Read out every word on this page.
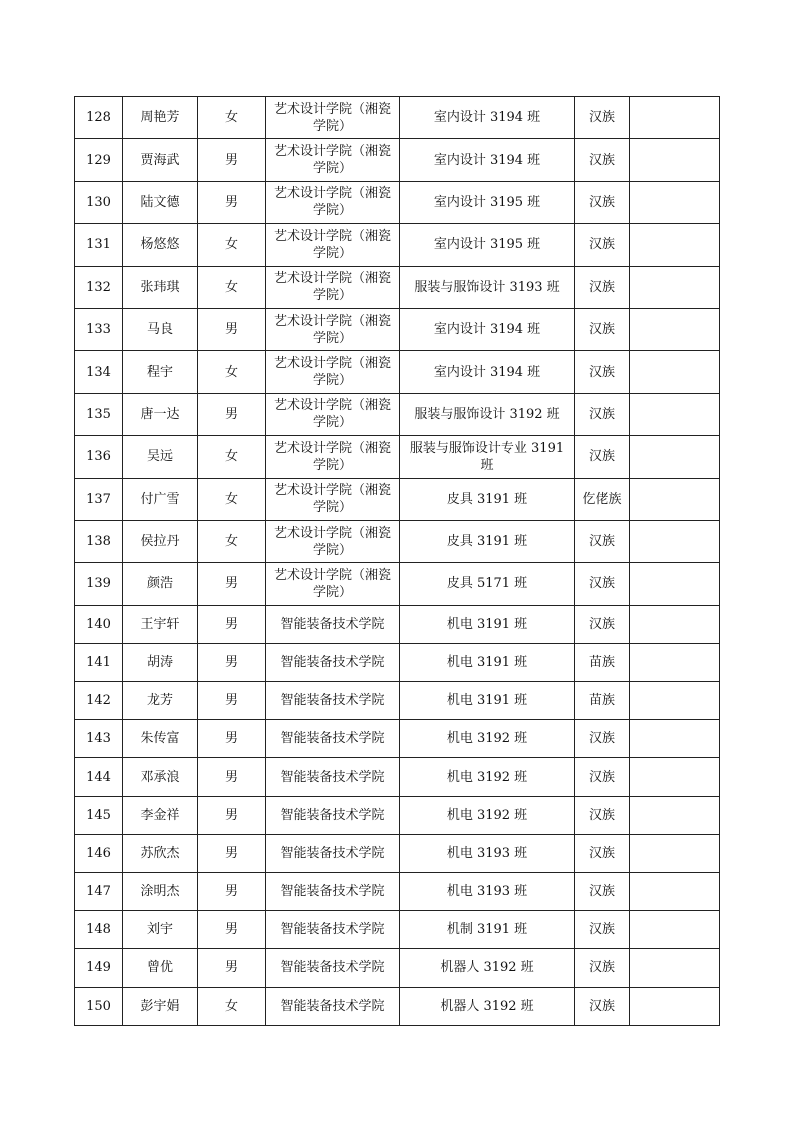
128	周艳芳	女	艺术设计学院（湘瓷学院）	室内设计 3194 班	汉族	
129	贾海武	男	艺术设计学院（湘瓷学院）	室内设计 3194 班	汉族	
130	陆文德	男	艺术设计学院（湘瓷学院）	室内设计 3195 班	汉族	
131	杨悠悠	女	艺术设计学院（湘瓷学院）	室内设计 3195 班	汉族	
132	张玮琪	女	艺术设计学院（湘瓷学院）	服装与服饰设计 3193 班	汉族	
133	马良	男	艺术设计学院（湘瓷学院）	室内设计 3194 班	汉族	
134	程宇	女	艺术设计学院（湘瓷学院）	室内设计 3194 班	汉族	
135	唐一达	男	艺术设计学院（湘瓷学院）	服装与服饰设计 3192 班	汉族	
136	吴远	女	艺术设计学院（湘瓷学院）	服装与服饰设计专业 3191 班	汉族	
137	付广雪	女	艺术设计学院（湘瓷学院）	皮具 3191 班	仡佬族	
138	侯拉丹	女	艺术设计学院（湘瓷学院）	皮具 3191 班	汉族	
139	颜浩	男	艺术设计学院（湘瓷学院）	皮具 5171 班	汉族	
140	王宇轩	男	智能装备技术学院	机电 3191 班	汉族	
141	胡涛	男	智能装备技术学院	机电 3191 班	苗族	
142	龙芳	男	智能装备技术学院	机电 3191 班	苗族	
143	朱传富	男	智能装备技术学院	机电 3192 班	汉族	
144	邓承浪	男	智能装备技术学院	机电 3192 班	汉族	
145	李金祥	男	智能装备技术学院	机电 3192 班	汉族	
146	苏欣杰	男	智能装备技术学院	机电 3193 班	汉族	
147	涂明杰	男	智能装备技术学院	机电 3193 班	汉族	
148	刘宇	男	智能装备技术学院	机制 3191 班	汉族	
149	曾优	男	智能装备技术学院	机器人 3192 班	汉族	
150	彭宇娟	女	智能装备技术学院	机器人 3192 班	汉族	
